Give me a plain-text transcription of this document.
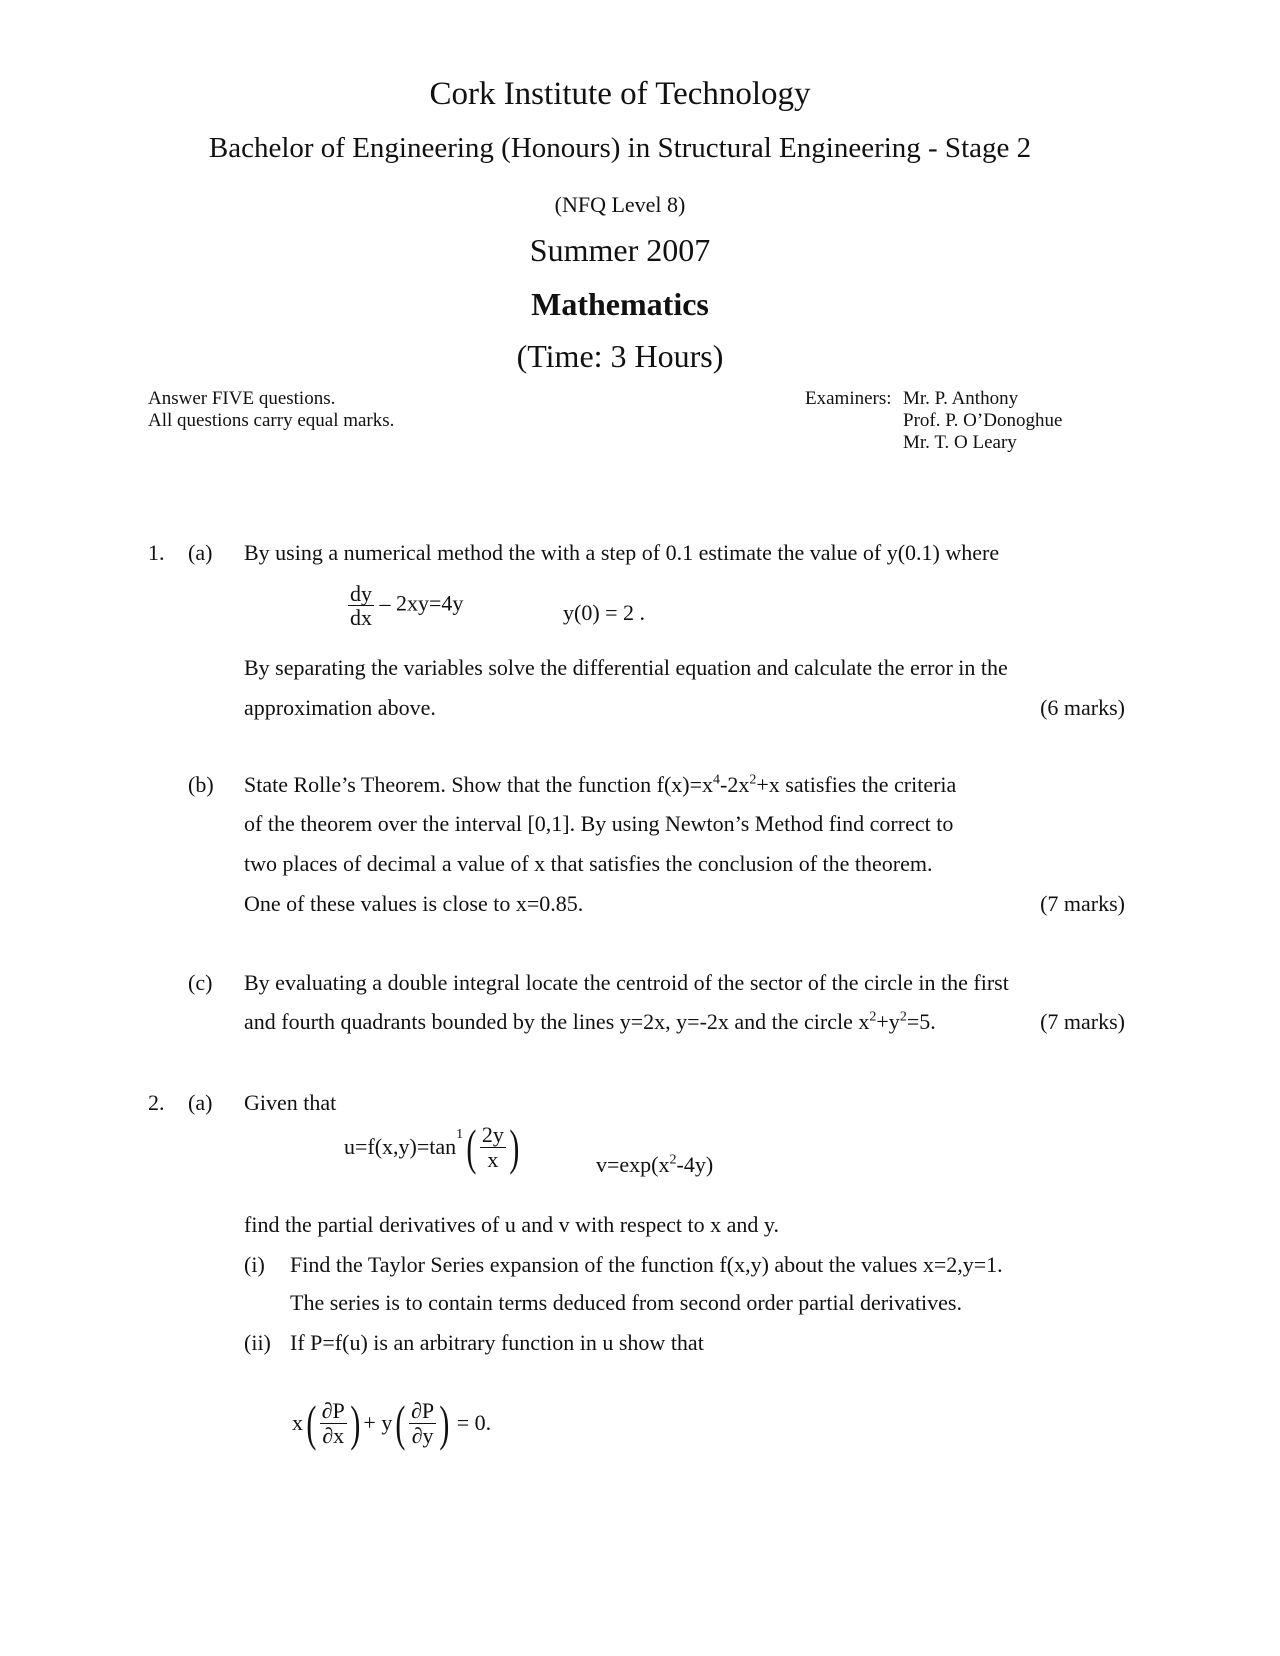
Cork Institute of Technology
Bachelor of Engineering (Honours) in Structural Engineering - Stage 2
(NFQ Level 8)
Summer 2007
Mathematics
(Time: 3 Hours)
Answer FIVE questions.
All questions carry equal marks.
Examiners: Mr. P. Anthony
Prof. P. O’Donoghue
Mr. T. O Leary
1. (a) By using a numerical method the with a step of 0.1 estimate the value of y(0.1) where
$\frac{dy}{dx} - 2xy=4y$	y(0) = 2 .
By separating the variables solve the differential equation and calculate the error in the
approximation above.	(6 marks)
(b) State Rolle’s Theorem. Show that the function $f(x)=x^4-2x^2+x$ satisfies the criteria
of the theorem over the interval [0,1]. By using Newton’s Method find correct to
two places of decimal a value of x that satisfies the conclusion of the theorem.
One of these values is close to x=0.85.	(7 marks)
(c) By evaluating a double integral locate the centroid of the sector of the circle in the first
and fourth quadrants bounded by the lines y=2x, y=-2x and the circle $x^2+y^2=5$.	(7 marks)
2. (a) Given that
$u=f(x,y)=\tan^1( \frac{2y}{x}$ )	$v=\exp(x^2-4y)$
find the partial derivatives of u and v with respect to x and y.
(i) Find the Taylor Series expansion of the function f(x,y) about the values x=2,y=1.
The series is to contain terms deduced from second order partial derivatives.
(ii) If P=f(u) is an arbitrary function in u show that
$x( \frac{\partial P}{\partial x}$ ) + $y( \frac{\partial P}{\partial y}$ ) = 0.
